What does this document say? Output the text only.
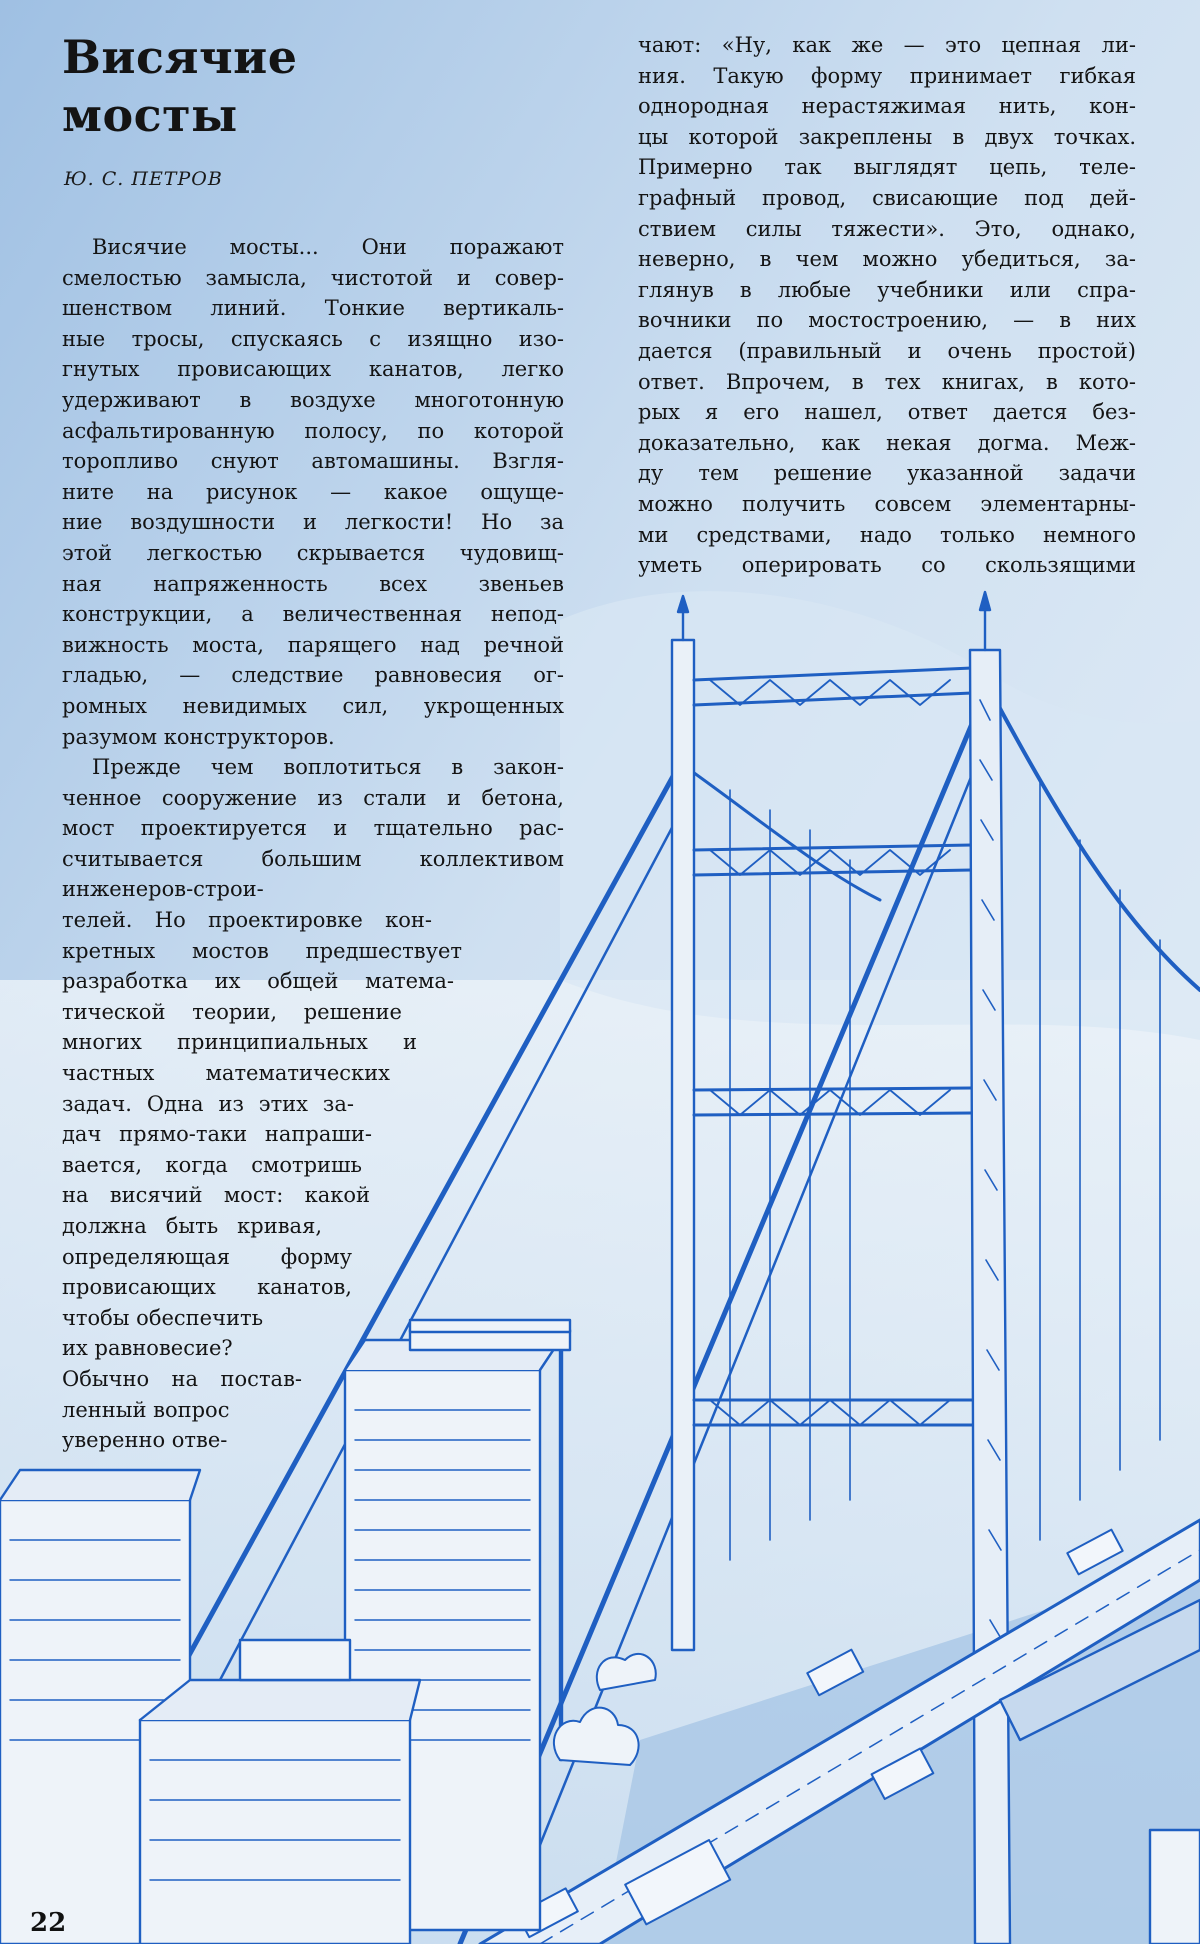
Висячие
мосты
Ю. С. ПЕТРОВ
Висячие мосты... Они поражают
смелостью замысла, чистотой и совер-
шенством линий. Тонкие вертикаль-
ные тросы, спускаясь с изящно изо-
гнутых провисающих канатов, легко
удерживают в воздухе многотонную
асфальтированную полосу, по которой
торопливо снуют автомашины. Взгля-
ните на рисунок — какое ощуще-
ние воздушности и легкости! Но за
этой легкостью скрывается чудовищ-
ная напряженность всех звеньев
конструкции, а величественная непод-
вижность моста, парящего над речной
гладью, — следствие равновесия ог-
ромных невидимых сил, укрощенных
разумом конструкторов.
Прежде чем воплотиться в закон-
ченное сооружение из стали и бетона,
мост проектируется и тщательно рас-
считывается большим коллективом
инженеров-строи-
телей. Но проектировке кон-
кретных мостов предшествует
разработка их общей матема-
тической теории, решение
многих принципиальных и
частных математических
задач. Одна из этих за-
дач прямо-таки напраши-
вается, когда смотришь
на висячий мост: какой
должна быть кривая,
определяющая форму
провисающих канатов,
чтобы обеспечить
их равновесие?
Обычно на постав-
ленный вопрос
уверенно отве-
чают: «Ну, как же — это цепная ли-
ния. Такую форму принимает гибкая
однородная нерастяжимая нить, кон-
цы которой закреплены в двух точках.
Примерно так выглядят цепь, теле-
графный провод, свисающие под дей-
ствием силы тяжести». Это, однако,
неверно, в чем можно убедиться, за-
глянув в любые учебники или спра-
вочники по мостостроению, — в них
дается (правильный и очень простой)
ответ. Впрочем, в тех книгах, в кото-
рых я его нашел, ответ дается без-
доказательно, как некая догма. Меж-
ду тем решение указанной задачи
можно получить совсем элементарны-
ми средствами, надо только немного
уметь оперировать со скользящими
22
